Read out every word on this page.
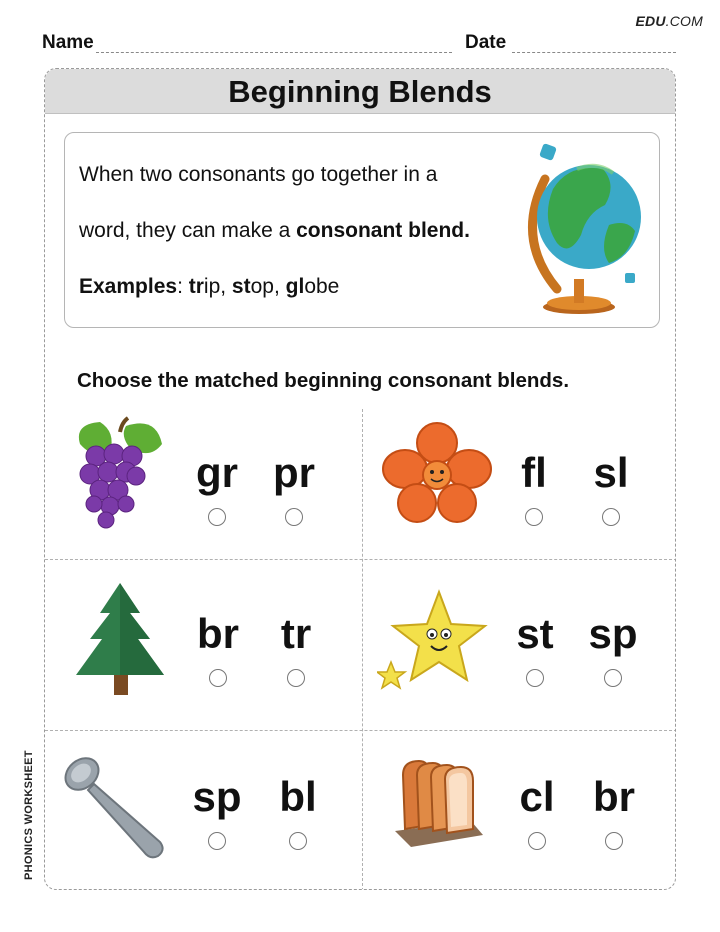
EDU.COM
Name	Date
PHONICS WORKSHEET
Beginning Blends

When two consonants go together in a

word, they can make a consonant blend.

Examples: trip, stop, globe

Choose the matched beginning consonant blends.
gr pr	fl	sl
br tr	st sp
sp bl	cl br
